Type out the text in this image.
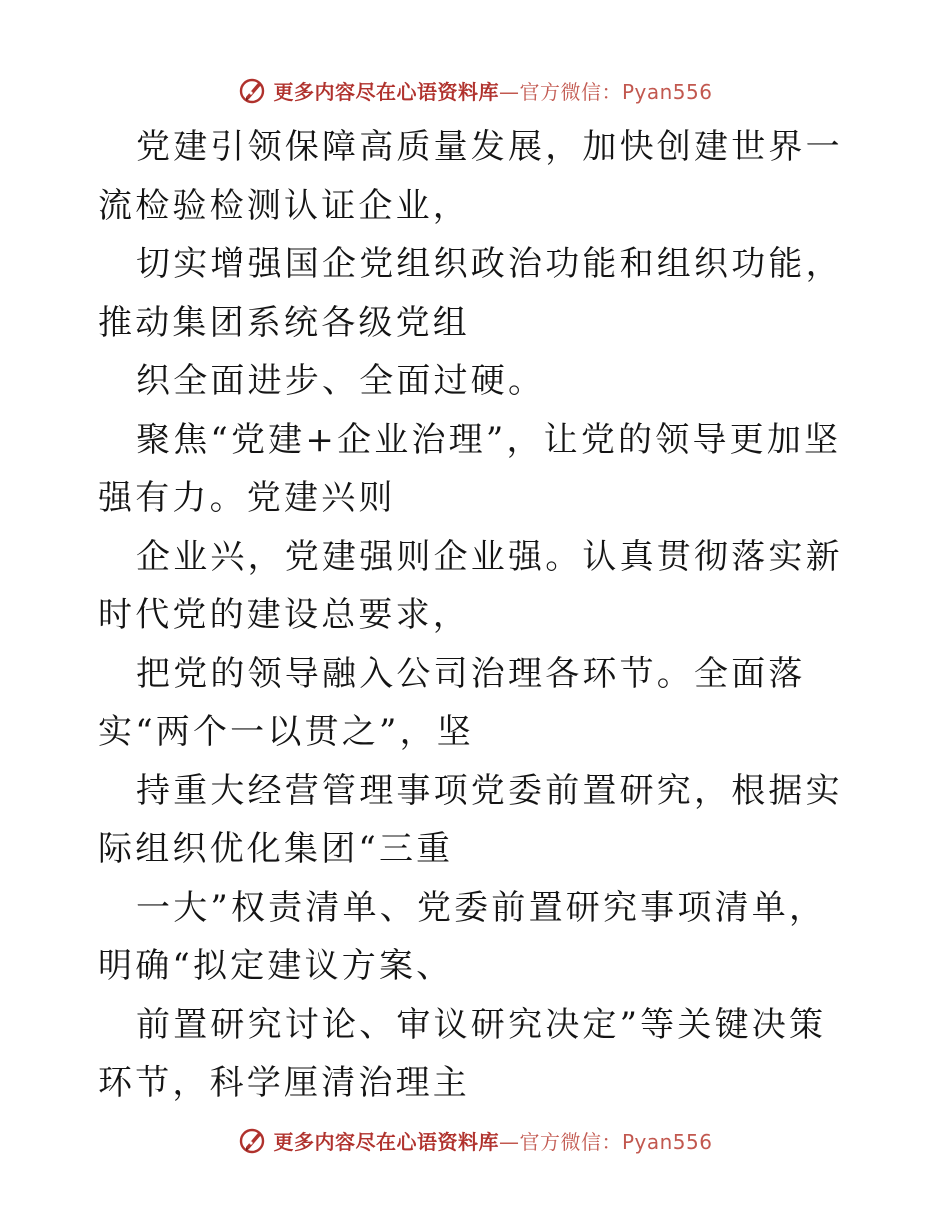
更多内容尽在心语资料库—官方微信：Pyan556

党建引领保障高质量发展，加快创建世界一流检验检测认证企业，

切实增强国企党组织政治功能和组织功能，推动集团系统各级党组

织全面进步、全面过硬。

聚焦“党建+企业治理”，让党的领导更加坚强有力。党建兴则

企业兴，党建强则企业强。认真贯彻落实新时代党的建设总要求，

把党的领导融入公司治理各环节。全面落实“两个一以贯之”，坚

持重大经营管理事项党委前置研究，根据实际组织优化集团“三重

一大”权责清单、党委前置研究事项清单，明确“拟定建议方案、

前置研究讨论、审议研究决定”等关键决策环节，科学厘清治理主

更多内容尽在心语资料库—官方微信：Pyan556
